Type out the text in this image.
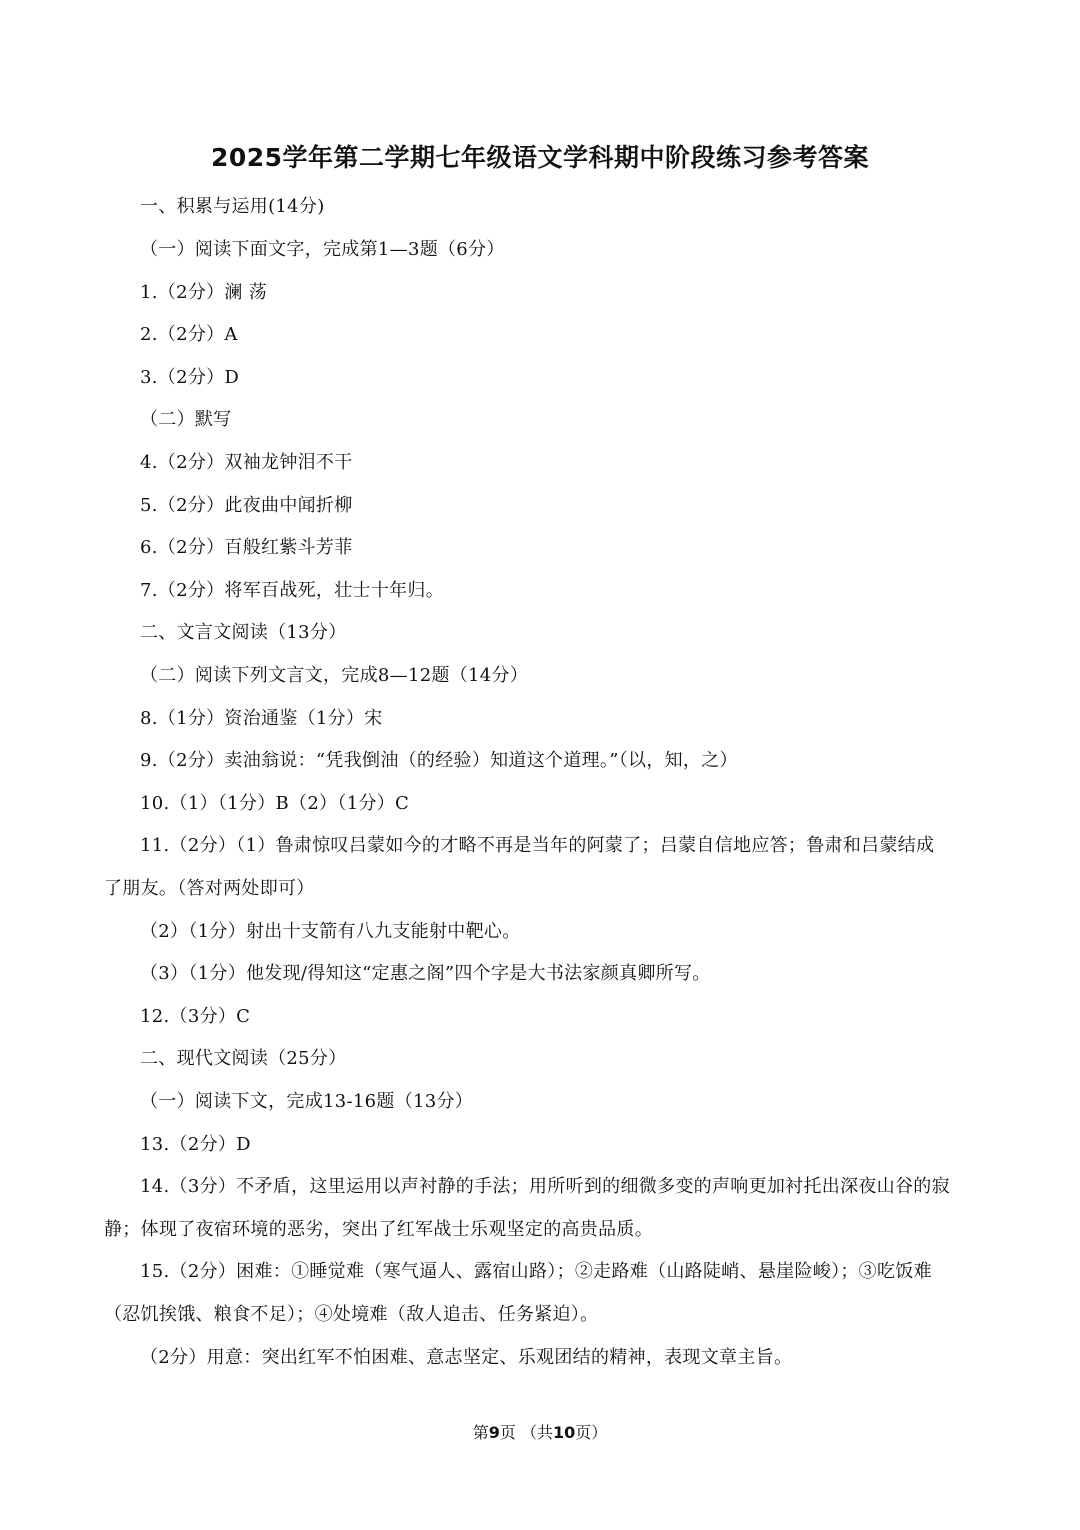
2025学年第二学期七年级语文学科期中阶段练习参考答案
一、积累与运用(14分)
（一）阅读下面文字，完成第1—3题（6分）
1.（2分）澜 荡
2.（2分）A
3.（2分）D
（二）默写
4.（2分）双袖龙钟泪不干
5.（2分）此夜曲中闻折柳
6.（2分）百般红紫斗芳菲
7.（2分）将军百战死，壮士十年归。
二、文言文阅读（13分）
（二）阅读下列文言文，完成8—12题（14分）
8.（1分）资治通鉴（1分）宋
9.（2分）卖油翁说：“凭我倒油（的经验）知道这个道理。”（以，知，之）
10.（1）（1分）B（2）（1分）C
11.（2分）（1）鲁肃惊叹吕蒙如今的才略不再是当年的阿蒙了；吕蒙自信地应答；鲁肃和吕蒙结成
了朋友。（答对两处即可）
（2）（1分）射出十支箭有八九支能射中靶心。
（3）（1分）他发现/得知这“定惠之阁”四个字是大书法家颜真卿所写。
12.（3分）C
二、现代文阅读（25分）
（一）阅读下文，完成13-16题（13分）
13.（2分）D
14.（3分）不矛盾，这里运用以声衬静的手法；用所听到的细微多变的声响更加衬托出深夜山谷的寂
静；体现了夜宿环境的恶劣，突出了红军战士乐观坚定的高贵品质。
15.（2分）困难：①睡觉难（寒气逼人、露宿山路）；②走路难（山路陡峭、悬崖险峻）；③吃饭难
（忍饥挨饿、粮食不足）；④处境难（敌人追击、任务紧迫）。
（2分）用意：突出红军不怕困难、意志坚定、乐观团结的精神，表现文章主旨。
第9页 （共10页）
